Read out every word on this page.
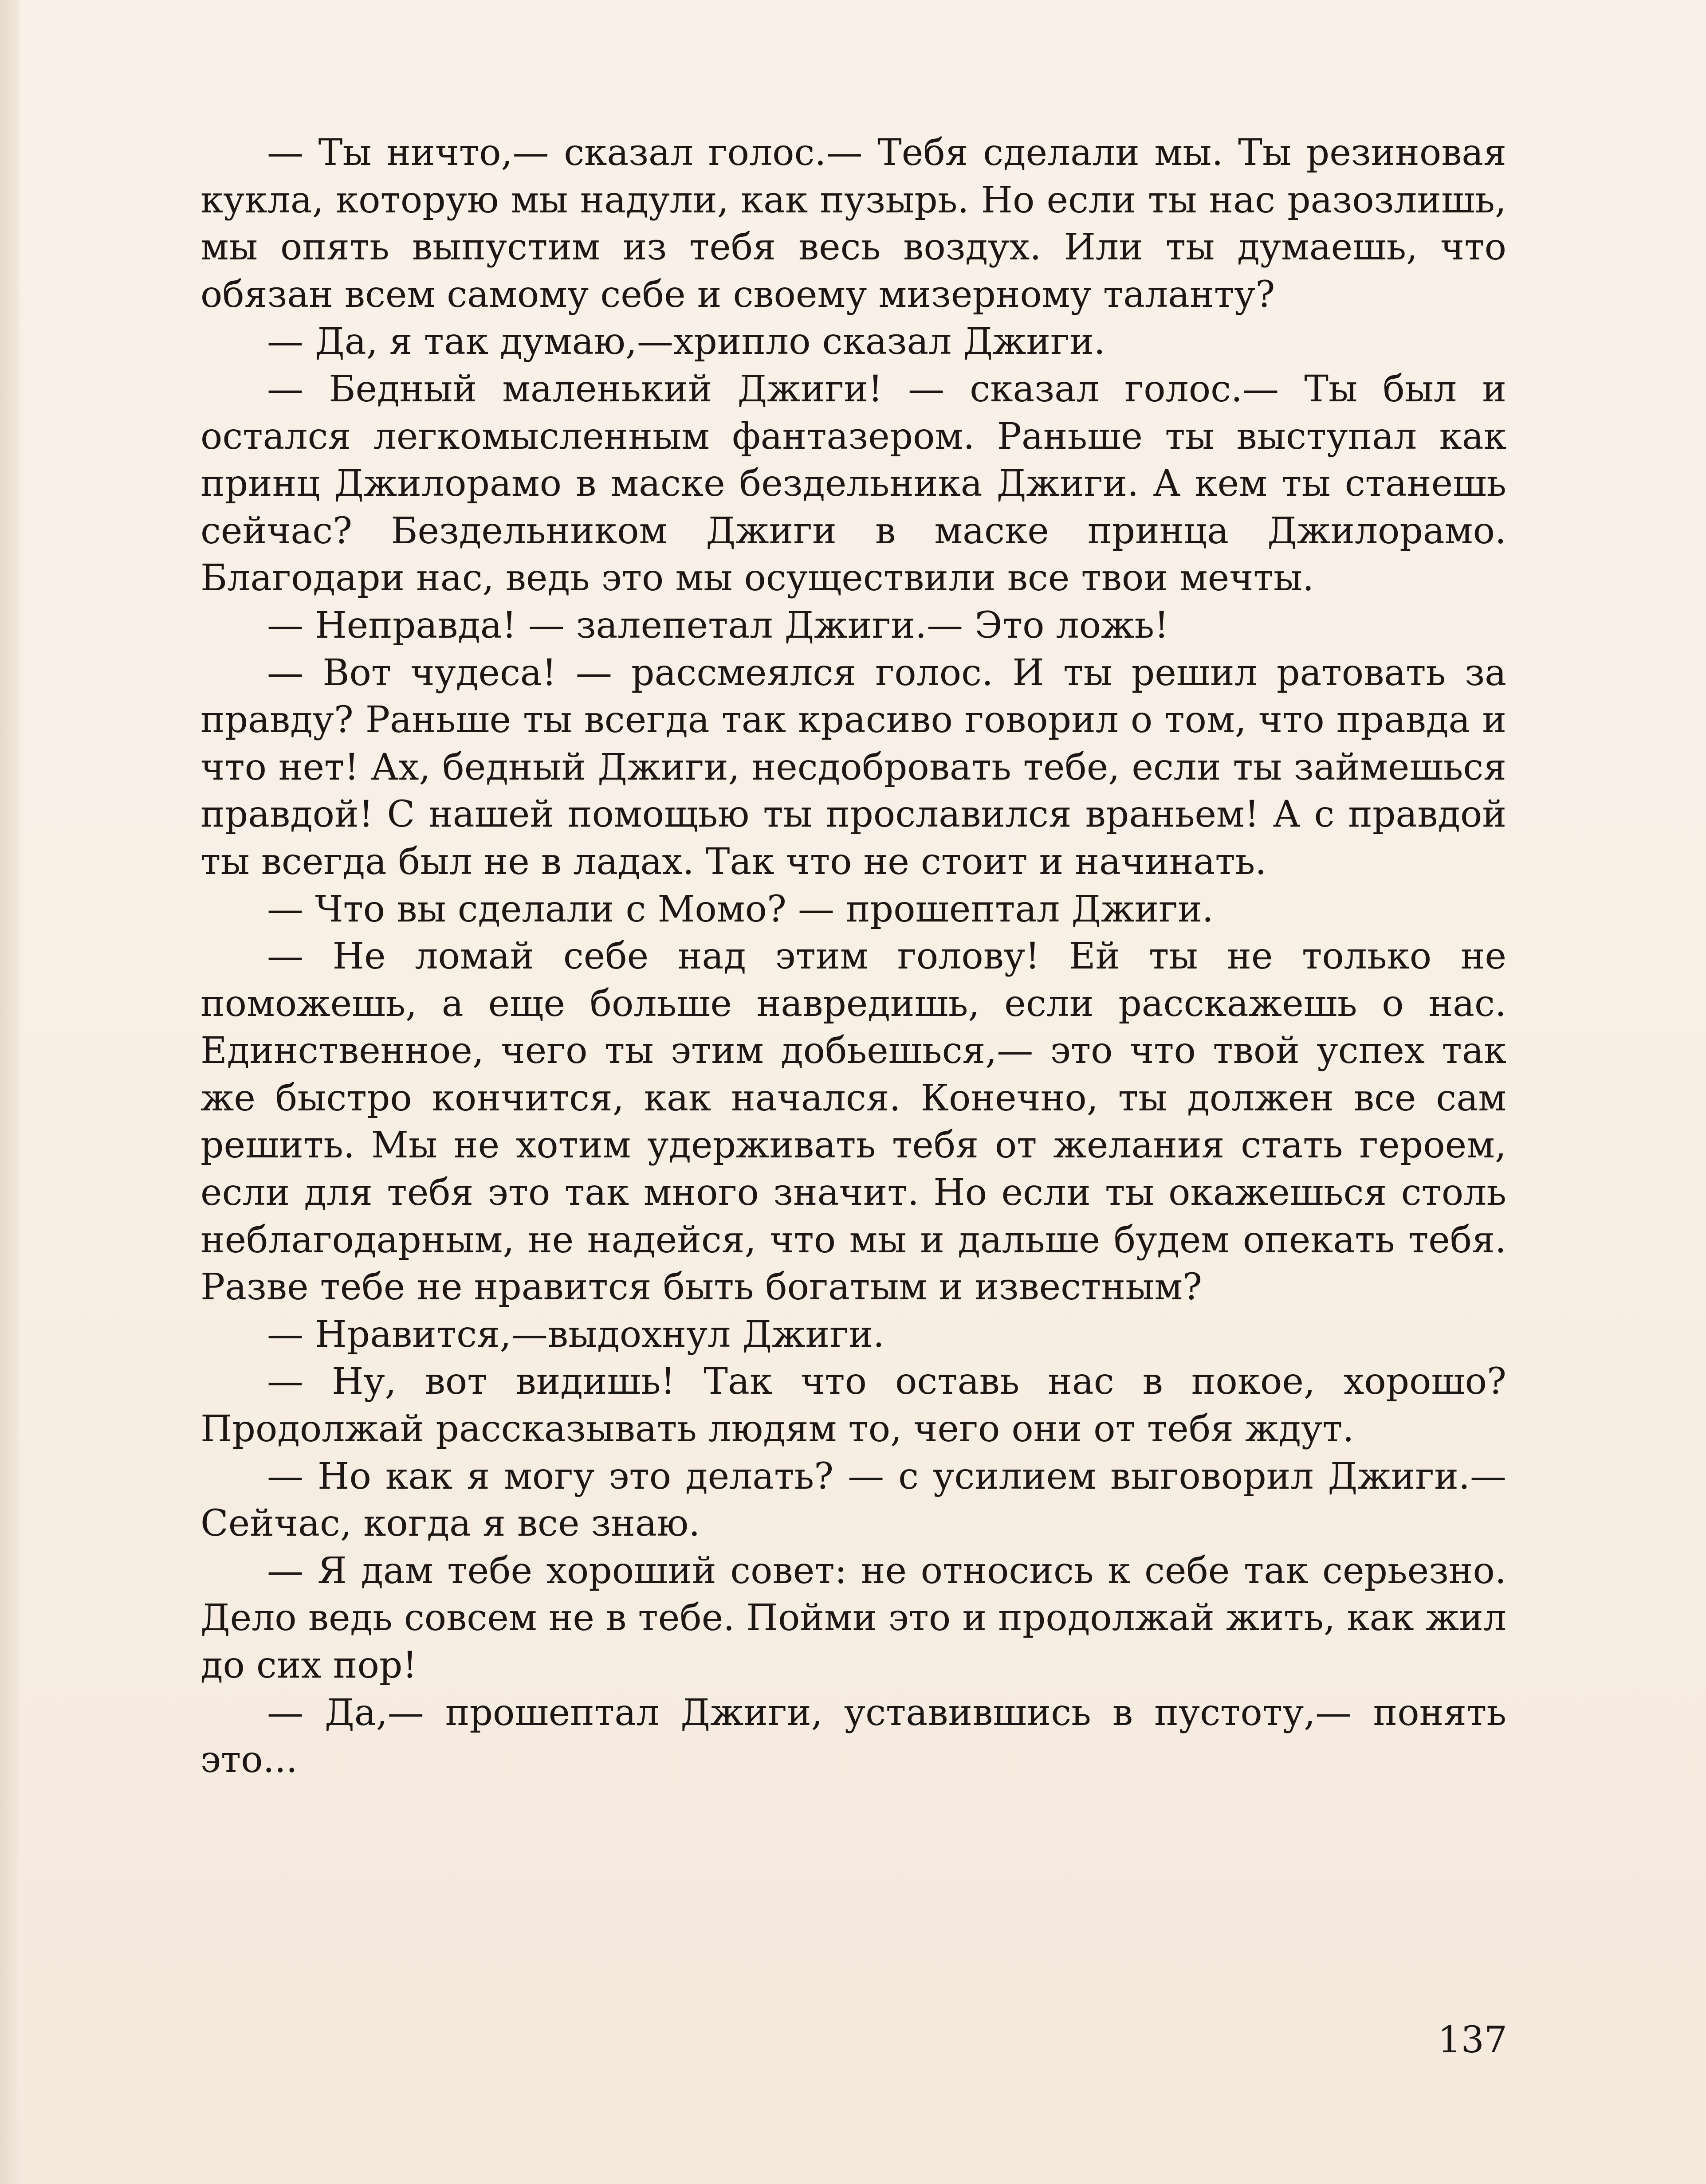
— Ты ничто,— сказал голос.— Тебя сделали мы. Ты резиновая кукла, которую мы надули, как пузырь. Но если ты нас разозлишь, мы опять выпустим из тебя весь воздух. Или ты думаешь, что обязан всем самому себе и своему мизерному таланту?

— Да, я так думаю,—хрипло сказал Джиги.

— Бедный маленький Джиги! — сказал голос.— Ты был и остался легкомысленным фантазером. Раньше ты выступал как принц Джилорамо в маске бездельника Джиги. А кем ты станешь сейчас? Бездельником Джиги в маске принца Джилорамо. Благодари нас, ведь это мы осуществили все твои мечты.

— Неправда! — залепетал Джиги.— Это ложь!

— Вот чудеса! — рассмеялся голос. И ты решил ратовать за правду? Раньше ты всегда так красиво говорил о том, что правда и что нет! Ах, бедный Джиги, несдобровать тебе, если ты займешься правдой! С нашей помощью ты прославился враньем! А с правдой ты всегда был не в ладах. Так что не стоит и начинать.

— Что вы сделали с Момо? — прошептал Джиги.

— Не ломай себе над этим голову! Ей ты не только не поможешь, а еще больше навредишь, если расскажешь о нас. Единственное, чего ты этим добьешься,— это что твой успех так же быстро кончится, как начался. Конечно, ты должен все сам решить. Мы не хотим удерживать тебя от желания стать героем, если для тебя это так много значит. Но если ты окажешься столь неблагодарным, не надейся, что мы и дальше будем опекать тебя. Разве тебе не нравится быть богатым и известным?

— Нравится,—выдохнул Джиги.

— Ну, вот видишь! Так что оставь нас в покое, хорошо? Продолжай рассказывать людям то, чего они от тебя ждут.

— Но как я могу это делать? — с усилием выговорил Джиги.— Сейчас, когда я все знаю.

— Я дам тебе хороший совет: не относись к себе так серьезно. Дело ведь совсем не в тебе. Пойми это и продолжай жить, как жил до сих пор!

— Да,— прошептал Джиги, уставившись в пустоту,— понять это...

137
